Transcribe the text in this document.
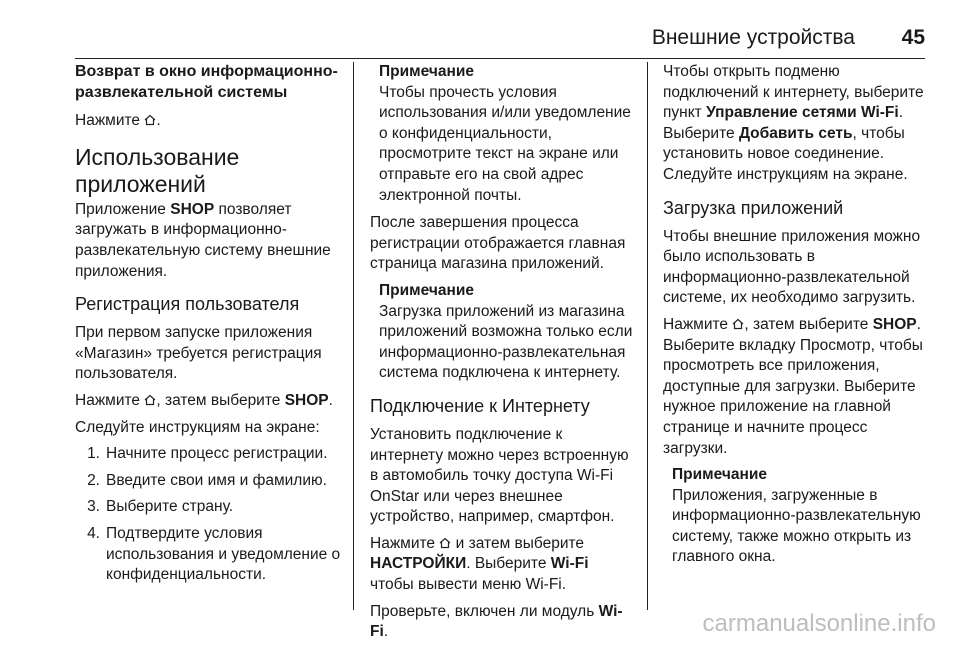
Внешние устройства 45
Возврат в окно информационно-развлекательной системы
Нажмите .
Использование приложений
Приложение SHOP позволяет загружать в информационно-развлекательную систему внешние приложения.
Регистрация пользователя
При первом запуске приложения «Магазин» требуется регистрация пользователя.
Нажмите , затем выберите SHOP.
Следуйте инструкциям на экране:
1. Начните процесс регистрации.
2. Введите свои имя и фамилию.
3. Выберите страну.
4. Подтвердите условия использования и уведомление о конфиденциальности.
Примечание
Чтобы прочесть условия использования и/или уведомление о конфиденциальности, просмотрите текст на экране или отправьте его на свой адрес электронной почты.
После завершения процесса регистрации отображается главная страница магазина приложений.
Примечание
Загрузка приложений из магазина приложений возможна только если информационно-развлекательная система подключена к интернету.
Подключение к Интернету
Установить подключение к интернету можно через встроенную в автомобиль точку доступа Wi-Fi OnStar или через внешнее устройство, например, смартфон.
Нажмите и затем выберите НАСТРОЙКИ. Выберите Wi-Fi чтобы вывести меню Wi-Fi.
Проверьте, включен ли модуль Wi-Fi.
Чтобы открыть подменю подключений к интернету, выберите пункт Управление сетями Wi-Fi. Выберите Добавить сеть, чтобы установить новое соединение. Следуйте инструкциям на экране.
Загрузка приложений
Чтобы внешние приложения можно было использовать в информационно-развлекательной системе, их необходимо загрузить.
Нажмите , затем выберите SHOP. Выберите вкладку Просмотр, чтобы просмотреть все приложения, доступные для загрузки. Выберите нужное приложение на главной странице и начните процесс загрузки.
Примечание
Приложения, загруженные в информационно-развлекательную систему, также можно открыть из главного окна.
carmanualsonline.info
